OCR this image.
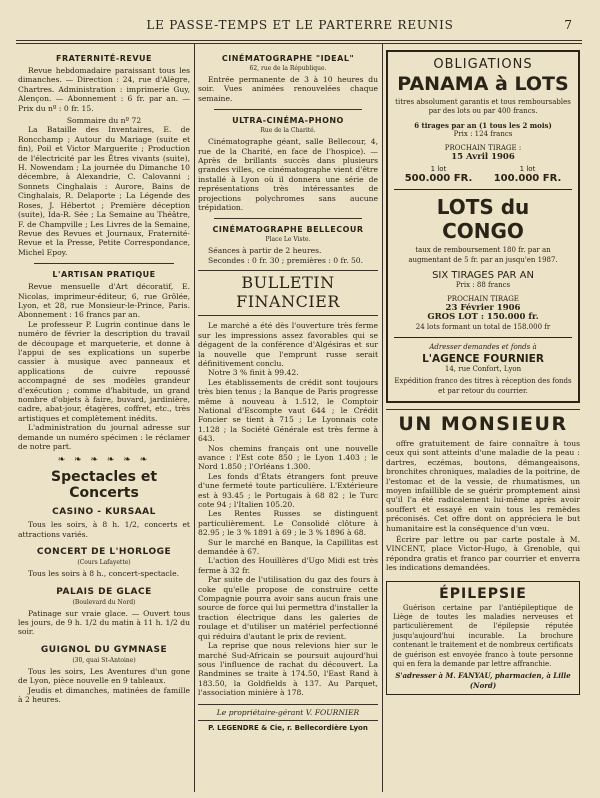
LE PASSE-TEMPS ET LE PARTERRE REUNIS	7
FRATERNITÉ-REVUE

Revue hebdomadaire paraissant tous les dimanches. — Direction : 24, rue d'Alègre, Chartres. Administration : imprimerie Guy, Alençon. — Abonnement : 6 fr. par an. — Prix du nº : 0 fr. 15.

Sommaire du nº 72

La Bataille des Inventaires, E. de Roncchamp ; Autour du Mariage (suite et fin), Poil et Victor Marguerite ; Production de l'électricité par les Êtres vivants (suite), H. Nowendam ; La journée du Dimanche 10 décembre, à Alexandrie, C. Calovanni ; Sonnets Cinghalais : Aurore, Bains de Cinghalais, R. Delaporte ; La Légende des Roses, J. Hébertot ; Première déception (suite), Ida-R. Sée ; La Semaine au Théâtre, F. de Champville ; Les Livres de la Semaine, Revue des Revues et Journaux, Fraternité-Revue et la Presse, Petite Correspondance, Michel Epoy.

L'ARTISAN PRATIQUE

Revue mensuelle d'Art décoratif, E. Nicolas, imprimeur-éditeur, 6, rue Grôlée, Lyon, et 28, rue Monsieur-le-Prince, Paris. Abonnement : 16 francs par an.

Le professeur P. Lugrin continue dans le numéro de février la description du travail de découpage et marqueterie, et donne à l'appui de ses explications un superbe cassier à musique avec panneaux et applications de cuivre repoussé accompagné de ses modèles grandeur d'exécution ; comme d'habitude, un grand nombre d'objets à faire, buvard, jardinière, cadre, abat-jour, étagères, coffret, etc., très artistiques et complètement inédits.

L'administration du journal adresse sur demande un numéro spécimen : le réclamer de notre part.

❧ ❧ ❧ ❧ ❧ ❧
Spectacles et Concerts
CASINO - KURSAAL

Tous les soirs, à 8 h. 1/2, concerts et attractions variés.

CONCERT DE L'HORLOGE
(Cours Lafayette)

Tous les soirs à 8 h., concert-spectacle.

PALAIS DE GLACE
(Boulevard du Nord)

Patinage sur vraie glace. — Ouvert tous les jours, de 9 h. 1/2 du matin à 11 h. 1/2 du soir.

GUIGNOL DU GYMNASE
(30, quai St-Antoine)

Tous les soirs, Les Aventures d'un gone de Lyon, pièce nouvelle en 9 tableaux.

Jeudis et dimanches, matinées de famille à 2 heures.

CINÉMATOGRAPHE "IDEAL"
62, rue de la République.

Entrée permanente de 3 à 10 heures du soir. Vues animées renouvelées chaque semaine.

ULTRA-CINÉMA-PHONO
Rue de la Charité.

Cinématographe géant, salle Bellecour, 4, rue de la Charité, en face de l'hospice). — Après de brillants succès dans plusieurs grandes villes, ce cinématographe vient d'être installé à Lyon où il donnera une série de représentations très intéressantes de projections polychromes sans aucune trépidation.

CINÉMATOGRAPHE BELLECOUR
Place Le Viste.

Séances à partir de 2 heures.

Secondes : 0 fr. 30 ; premières : 0 fr. 50.

BULLETIN FINANCIER

Le marché a été dès l'ouverture très ferme sur les impressions assez favorables qui se dégagent de la conférence d'Algésiras et sur la nouvelle que l'emprunt russe serait définitivement conclu.

Notre 3 % finit à 99.42.

Les établissements de crédit sont toujours très bien tenus ; la Banque de Paris progresse même à nouveau à 1.512, le Comptoir National d'Escompte vaut 644 ; le Crédit Foncier se tient à 715 ; Le Lyonnais cote 1.128 ; la Société Générale est très ferme à 643.

Nos chemins français ont une nouvelle avance : l'Est cote 850 ; le Lyon 1.403 ; le Nord 1.850 ; l'Orléans 1.300.

Les fonds d'États étrangers font preuve d'une fermeté toute particulière. L'Extérieure est à 93.45 ; le Portugais à 68 82 ; le Turc cote 94 ; l'Italien 105.20.

Les Rentes Russes se distinguent particulièrement. Le Consolidé clôture à 82.95 ; le 3 % 1891 à 69 ; le 3 % 1896 à 68.

Sur le marché en Banque, la Capillitas est demandée à 67.

L'action des Houillères d'Ugo Midi est très ferme à 32 fr.

Par suite de l'utilisation du gaz des fours à coke qu'elle propose de construire cette Compagnie pourra avoir sans aucun frais une source de force qui lui permettra d'installer la traction électrique dans les galeries de roulage et d'utiliser un matériel perfectionné qui réduira d'autant le prix de revient.

La reprise que nous relevions hier sur le marché Sud-Africain se poursuit aujourd'hui sous l'influence de rachat du découvert. La Randmines se traite à 174.50, l'East Rand à 183.50, la Goldfields à 137. Au Parquet, l'association minière à 178.

Le propriétaire-gérant V. FOURNIER

P. LEGENDRE & Cie, r. Bellecordière Lyon

OBLIGATIONS
PANAMA à LOTS

titres absolument garantis et tous remboursables par des lots ou par 400 francs.

6 tirages par an (1 tous les 2 mois)

Prix : 124 francs

PROCHAIN TIRAGE :

15 Avril 1906

1 lot	1 lot
500.000 FR. 100.000 FR.
LOTS du CONGO

taux de remboursement 180 fr. par an augmentant de 5 fr. par an jusqu'en 1987.

SIX TIRAGES PAR AN

Prix : 88 francs

PROCHAIN TIRAGE

23 Février 1906

GROS LOT : 150.000 fr.

24 lots formant un total de 158.000 fr

Adresser demandes et fonds à

L'AGENCE FOURNIER

14, rue Confort, Lyon

Expédition franco des titres à réception des fonds et par retour du courrier.

UN MONSIEUR

offre gratuitement de faire connaître à tous ceux qui sont atteints d'une maladie de la peau : dartres, eczémas, boutons, démangeaisons, bronchites chroniques, maladies de la poitrine, de l'estomac et de la vessie, de rhumatismes, un moyen infaillible de se guérir promptement ainsi qu'il l'a été radicalement lui-même après avoir souffert et essayé en vain tous les remèdes préconisés. Cet offre dont on appréciera le but humanitaire est la conséquence d'un vœu.

Écrire par lettre ou par carte postale à M. VINCENT, place Victor-Hugo, à Grenoble, qui répondra gratis et franco par courrier et enverra les indications demandées.

ÉPILEPSIE

Guérison certaine par l'antiépileptique de Liège de toutes les maladies nerveuses et particulièrement de l'épilepsie réputée jusqu'aujourd'hui incurable. La brochure contenant le traitement et de nombreux certificats de guérison est envoyée franco à toute personne qui en fera la demande par lettre affranchie.

S'adresser à M. FANYAU, pharmacien, à Lille (Nord)
